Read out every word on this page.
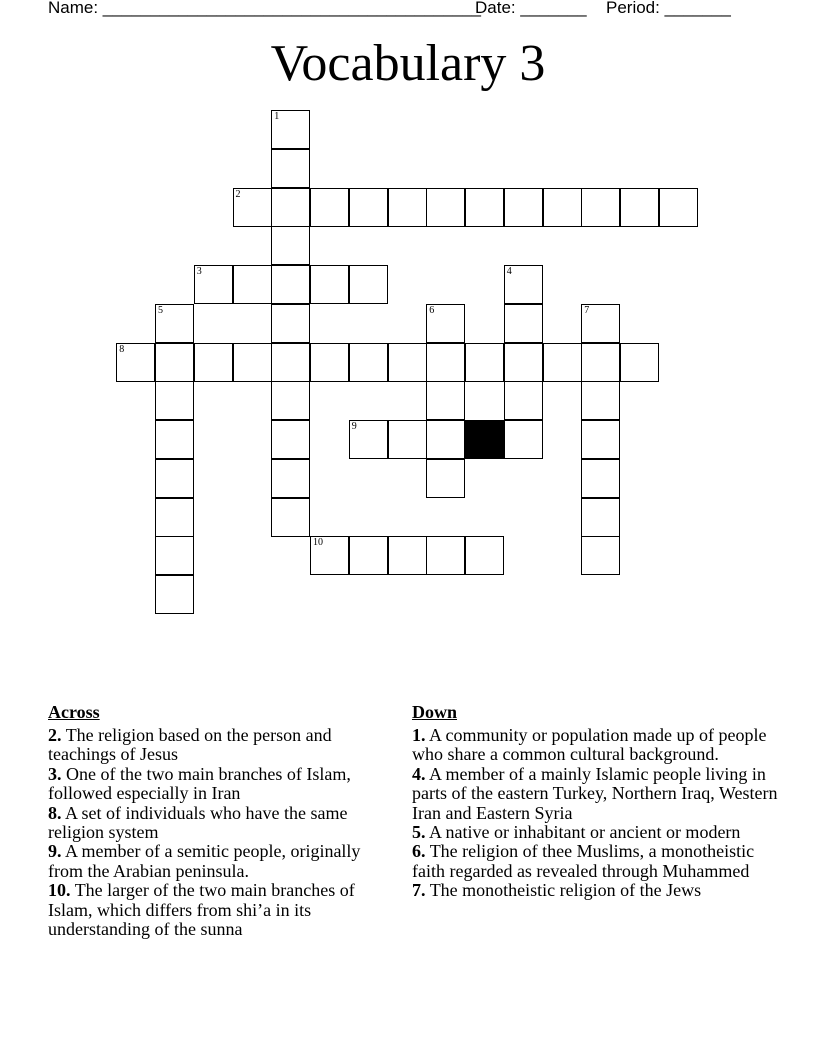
Name: ________________________________________
Date: _______ Period: _______
Vocabulary 3
1
2
3	4
5	6	7
8
9
10
Across
2. The religion based on the person and teachings of Jesus
3. One of the two main branches of Islam, followed especially in Iran
8. A set of individuals who have the same religion system
9. A member of a semitic people, originally from the Arabian peninsula.
10. The larger of the two main branches of Islam, which differs from shi’a in its understanding of the sunna
Down
1. A community or population made up of people who share a common cultural background.
4. A member of a mainly Islamic people living in parts of the eastern Turkey, Northern Iraq, Western Iran and Eastern Syria
5. A native or inhabitant or ancient or modern
6. The religion of thee Muslims, a monotheistic faith regarded as revealed through Muhammed
7. The monotheistic religion of the Jews
